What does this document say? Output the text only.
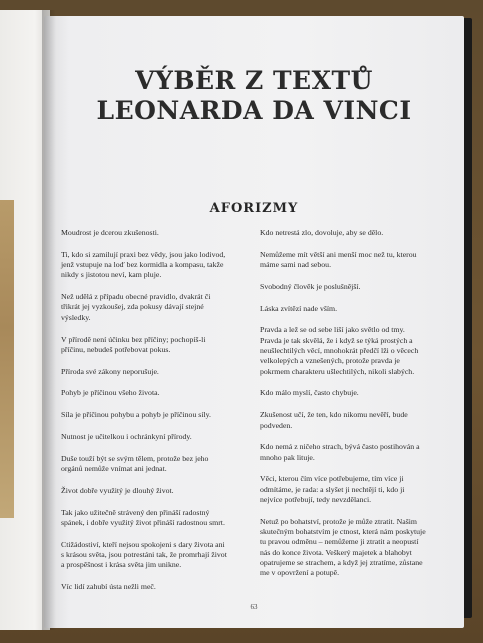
VÝBĚR Z TEXTŮ
LEONARDA DA VINCI
AFORIZMY

Moudrost je dcerou zkušenosti.

Ti, kdo si zamilují praxi bez vědy, jsou jako lodivod, jenž vstupuje na loď bez kormidla a kompasu, takže nikdy s jistotou neví, kam pluje.

Než udělá z případu obecné pravidlo, dvakrát či třikrát jej vyzkoušej, zda pokusy dávají stejné výsledky.

V přírodě není účinku bez příčiny; pochopíš-li příčinu, nebudeš potřebovat pokus.

Příroda své zákony neporušuje.

Pohyb je příčinou všeho života.

Síla je příčinou pohybu a pohyb je příčinou síly.

Nutnost je učitelkou i ochránkyní přírody.

Duše touží být se svým tělem, protože bez jeho orgánů nemůže vnímat ani jednat.

Život dobře využitý je dlouhý život.

Tak jako užitečně strávený den přináší radostný spánek, i dobře využitý život přináší radostnou smrt.

Ctižádostiví, kteří nejsou spokojeni s dary života ani s krásou světa, jsou potrestáni tak, že promrhají život a prospěšnost i krása světa jim unikne.

Víc lidí zahubí ústa nežli meč.

Kdo netrestá zlo, dovoluje, aby se dělo.

Nemůžeme mít větší ani menší moc než tu, kterou máme sami nad sebou.

Svobodný člověk je poslušnější.

Láska zvítězí nade vším.

Pravda a lež se od sebe liší jako světlo od tmy. Pravda je tak skvělá, že i když se týká prostých a neušlechtilých věcí, mnohokrát předčí lži o věcech velkolepých a vznešených, protože pravda je pokrmem charakteru ušlechtilých, nikoli slabých.

Kdo málo myslí, často chybuje.

Zkušenost učí, že ten, kdo nikomu nevěří, bude podveden.

Kdo nemá z ničeho strach, bývá často postihován a mnoho pak lituje.

Věci, kterou čím více potřebujeme, tím více ji odmítáme, je rada: a slyšet ji nechtějí ti, kdo ji nejvíce potřebují, tedy nevzdělanci.

Netuž po bohatství, protože je může ztratit. Našim skutečným bohatstvím je ctnost, která nám poskytuje tu pravou odměnu – nemůžeme ji ztratit a neopustí nás do konce života. Veškerý majetek a blahobyt opatrujeme se strachem, a když jej ztratíme, zůstane me v opovržení a potupě.

63
